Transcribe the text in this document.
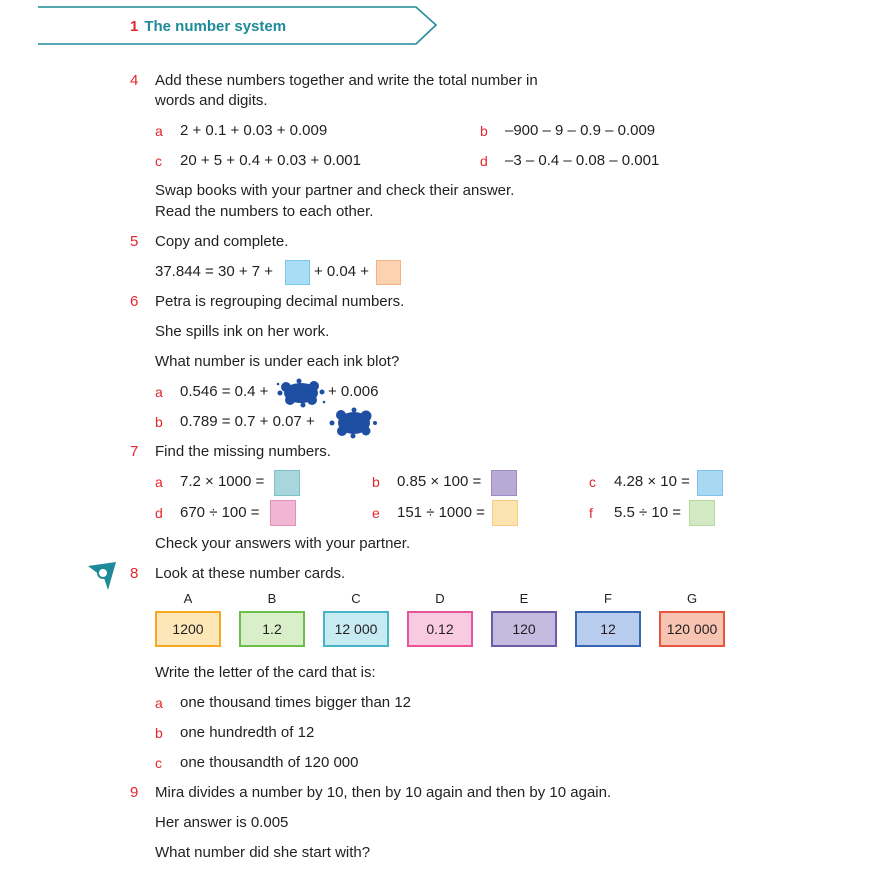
1 The number system
4 Add these numbers together and write the total number in
words and digits.
a 2 + 0.1 + 0.03 + 0.009	b –900 – 9 – 0.9 – 0.009
c 20 + 5 + 0.4 + 0.03 + 0.001	d –3 – 0.4 – 0.08 – 0.001
Swap books with your partner and check their answer.
Read the numbers to each other.
5 Copy and complete.
37.844 = 30 + 7 +	+ 0.04 +
6 Petra is regrouping decimal numbers.
She spills ink on her work.
What number is under each ink blot?
a 0.546 = 0.4 +	+ 0.006
b 0.789 = 0.7 + 0.07 +
7 Find the missing numbers.
a 7.2 × 1000 =	b 0.85 × 100 =	c 4.28 × 10 =
d 670 ÷ 100 =	e 151 ÷ 1000 =	f 5.5 ÷ 10 =
Check your answers with your partner.
8 Look at these number cards.
A
1200
B
1.2
C
12 000
D
0.12
E
120
F
12
G
120 000
Write the letter of the card that is:
a one thousand times bigger than 12
b one hundredth of 12
c one thousandth of 120 000
9 Mira divides a number by 10, then by 10 again and then by 10 again.
Her answer is 0.005
What number did she start with?
